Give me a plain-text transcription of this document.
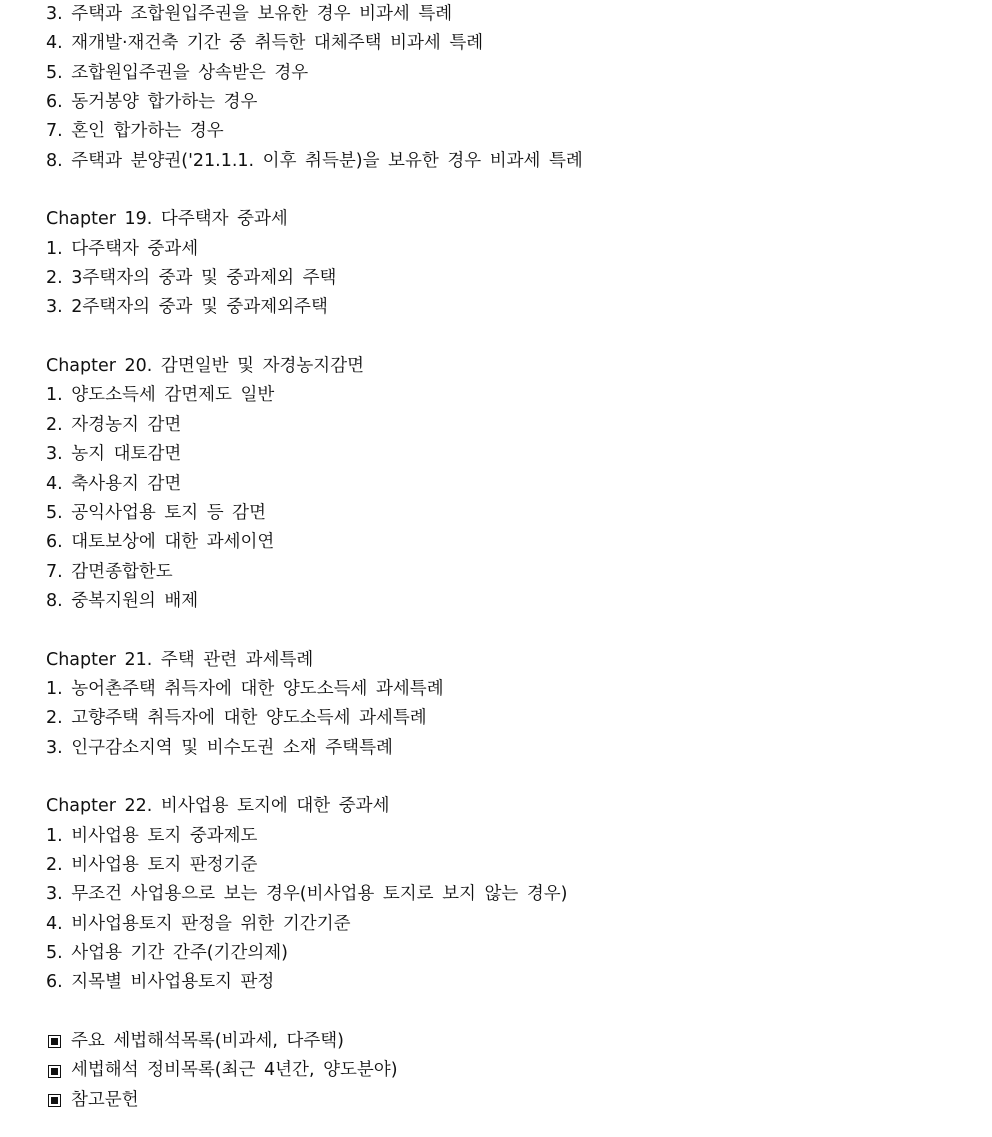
3. 주택과 조합원입주권을 보유한 경우 비과세 특례
4. 재개발·재건축 기간 중 취득한 대체주택 비과세 특례
5. 조합원입주권을 상속받은 경우
6. 동거봉양 합가하는 경우
7. 혼인 합가하는 경우
8. 주택과 분양권('21.1.1. 이후 취득분)을 보유한 경우 비과세 특례
Chapter 19. 다주택자 중과세
1. 다주택자 중과세
2. 3주택자의 중과 및 중과제외 주택
3. 2주택자의 중과 및 중과제외주택
Chapter 20. 감면일반 및 자경농지감면
1. 양도소득세 감면제도 일반
2. 자경농지 감면
3. 농지 대토감면
4. 축사용지 감면
5. 공익사업용 토지 등 감면
6. 대토보상에 대한 과세이연
7. 감면종합한도
8. 중복지원의 배제
Chapter 21. 주택 관련 과세특례
1. 농어촌주택 취득자에 대한 양도소득세 과세특례
2. 고향주택 취득자에 대한 양도소득세 과세특례
3. 인구감소지역 및 비수도권 소재 주택특례
Chapter 22. 비사업용 토지에 대한 중과세
1. 비사업용 토지 중과제도
2. 비사업용 토지 판정기준
3. 무조건 사업용으로 보는 경우(비사업용 토지로 보지 않는 경우)
4. 비사업용토지 판정을 위한 기간기준
5. 사업용 기간 간주(기간의제)
6. 지목별 비사업용토지 판정
주요 세법해석목록(비과세, 다주택)
세법해석 정비목록(최근 4년간, 양도분야)
참고문헌
